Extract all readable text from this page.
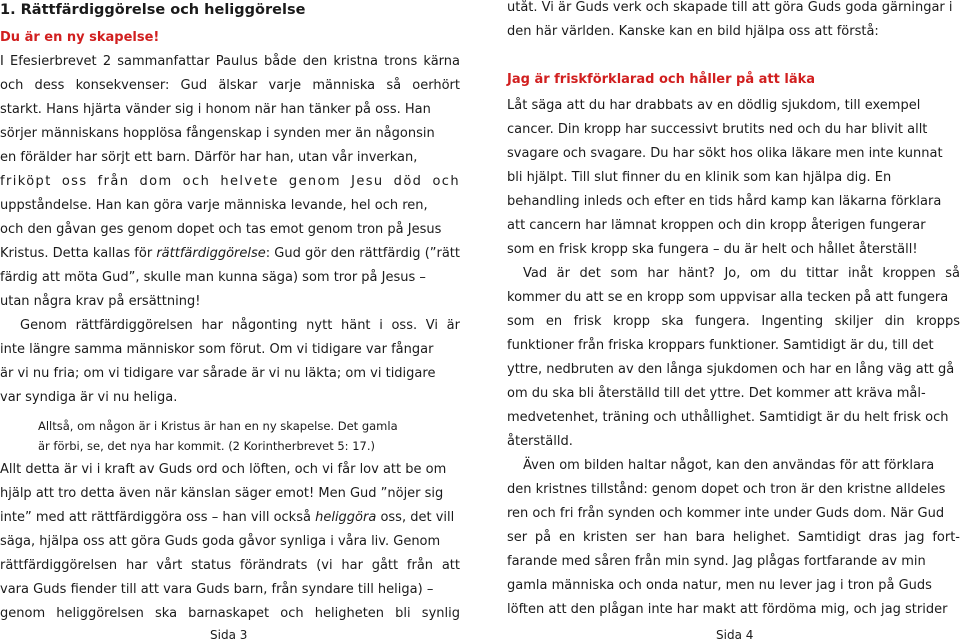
1. Rättfärdiggörelse och heliggörelse
Du är en ny skapelse!
I Efesierbrevet 2 sammanfattar Paulus både den kristna trons kärna
och dess konsekvenser: Gud älskar varje människa så oerhört
starkt. Hans hjärta vänder sig i honom när han tänker på oss. Han
sörjer människans hopplösa fångenskap i synden mer än någonsin
en förälder har sörjt ett barn. Därför har han, utan vår inverkan,
friköpt oss från dom och helvete genom Jesu död och
uppståndelse. Han kan göra varje människa levande, hel och ren,
och den gåvan ges genom dopet och tas emot genom tron på Jesus
Kristus. Detta kallas för rättfärdiggörelse: Gud gör den rättfärdig (”rätt
färdig att möta Gud”, skulle man kunna säga) som tror på Jesus –
utan några krav på ersättning!
Genom rättfärdiggörelsen har någonting nytt hänt i oss. Vi är
inte längre samma människor som förut. Om vi tidigare var fångar
är vi nu fria; om vi tidigare var sårade är vi nu läkta; om vi tidigare
var syndiga är vi nu heliga.
Alltså, om någon är i Kristus är han en ny skapelse. Det gamla
är förbi, se, det nya har kommit. (2 Korintherbrevet 5: 17.)
Allt detta är vi i kraft av Guds ord och löften, och vi får lov att be om
hjälp att tro detta även när känslan säger emot! Men Gud ”nöjer sig
inte” med att rättfärdiggöra oss – han vill också heliggöra oss, det vill
säga, hjälpa oss att göra Guds goda gåvor synliga i våra liv. Genom
rättfärdiggörelsen har vårt status förändrats (vi har gått från att
vara Guds fiender till att vara Guds barn, från syndare till heliga) –
genom heliggörelsen ska barnaskapet och heligheten bli synlig
Sida 3
utåt. Vi är Guds verk och skapade till att göra Guds goda gärningar i
den här världen. Kanske kan en bild hjälpa oss att förstå:
Jag är friskförklarad och håller på att läka
Låt säga att du har drabbats av en dödlig sjukdom, till exempel
cancer. Din kropp har successivt brutits ned och du har blivit allt
svagare och svagare. Du har sökt hos olika läkare men inte kunnat
bli hjälpt. Till slut finner du en klinik som kan hjälpa dig. En
behandling inleds och efter en tids hård kamp kan läkarna förklara
att cancern har lämnat kroppen och din kropp återigen fungerar
som en frisk kropp ska fungera – du är helt och hållet återställ!
Vad är det som har hänt? Jo, om du tittar inåt kroppen så
kommer du att se en kropp som uppvisar alla tecken på att fungera
som en frisk kropp ska fungera. Ingenting skiljer din kropps
funktioner från friska kroppars funktioner. Samtidigt är du, till det
yttre, nedbruten av den långa sjukdomen och har en lång väg att gå
om du ska bli återställd till det yttre. Det kommer att kräva mål-
medvetenhet, träning och uthållighet. Samtidigt är du helt frisk och
återställd.
Även om bilden haltar något, kan den användas för att förklara
den kristnes tillstånd: genom dopet och tron är den kristne alldeles
ren och fri från synden och kommer inte under Guds dom. När Gud
ser på en kristen ser han bara helighet. Samtidigt dras jag fort-
farande med såren från min synd. Jag plågas fortfarande av min
gamla människa och onda natur, men nu lever jag i tron på Guds
löften att den plågan inte har makt att fördöma mig, och jag strider
Sida 4
